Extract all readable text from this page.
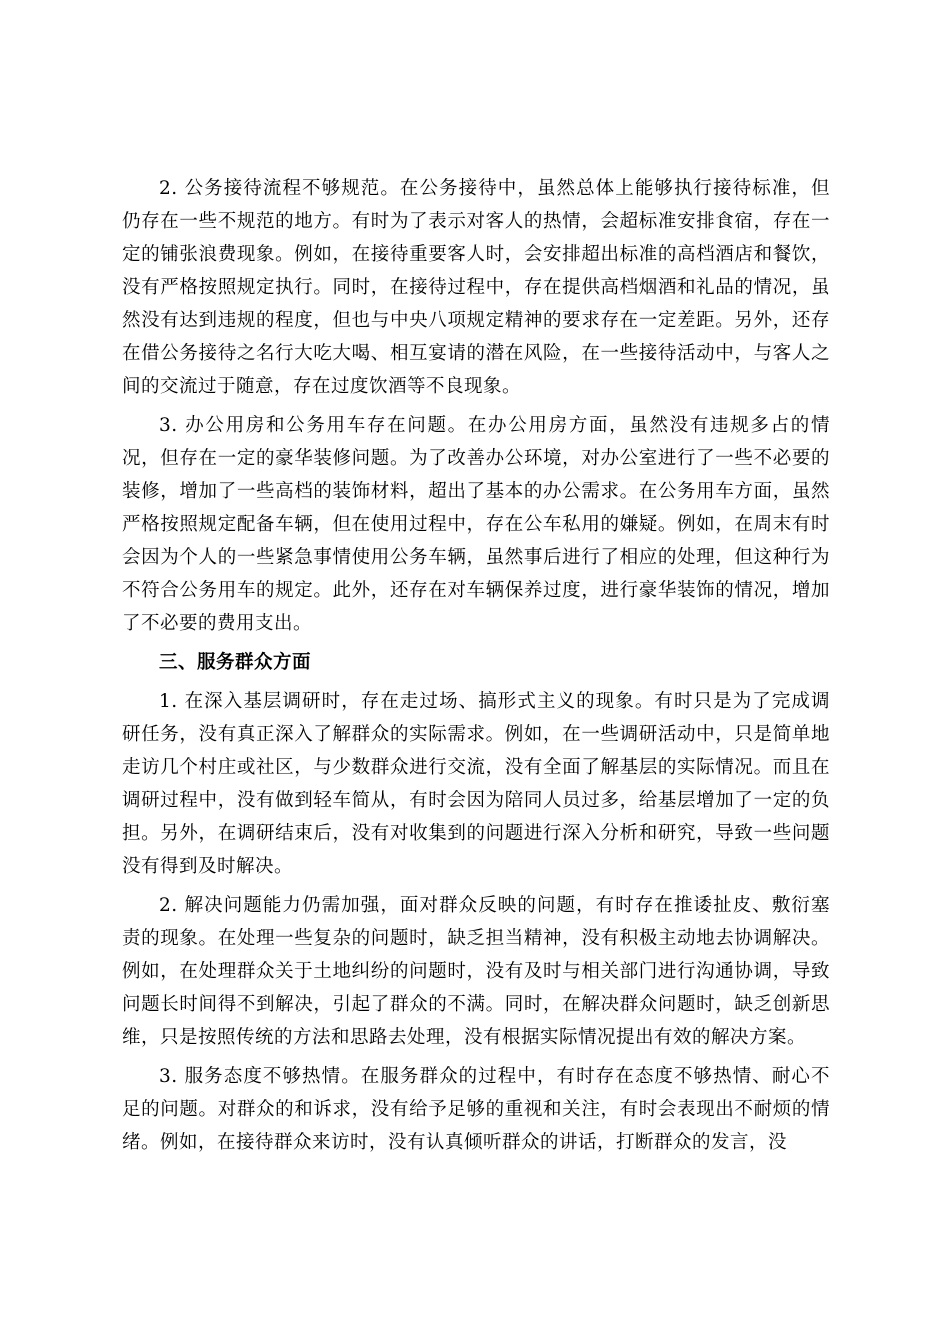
2. 公务接待流程不够规范。在公务接待中，虽然总体上能够执行接待标准，但仍存在一些不规范的地方。有时为了表示对客人的热情，会超标准安排食宿，存在一定的铺张浪费现象。例如，在接待重要客人时，会安排超出标准的高档酒店和餐饮，没有严格按照规定执行。同时，在接待过程中，存在提供高档烟酒和礼品的情况，虽然没有达到违规的程度，但也与中央八项规定精神的要求存在一定差距。另外，还存在借公务接待之名行大吃大喝、相互宴请的潜在风险，在一些接待活动中，与客人之间的交流过于随意，存在过度饮酒等不良现象。

3. 办公用房和公务用车存在问题。在办公用房方面，虽然没有违规多占的情况，但存在一定的豪华装修问题。为了改善办公环境，对办公室进行了一些不必要的装修，增加了一些高档的装饰材料，超出了基本的办公需求。在公务用车方面，虽然严格按照规定配备车辆，但在使用过程中，存在公车私用的嫌疑。例如，在周末有时会因为个人的一些紧急事情使用公务车辆，虽然事后进行了相应的处理，但这种行为不符合公务用车的规定。此外，还存在对车辆保养过度，进行豪华装饰的情况，增加了不必要的费用支出。

三、服务群众方面

1. 在深入基层调研时，存在走过场、搞形式主义的现象。有时只是为了完成调研任务，没有真正深入了解群众的实际需求。例如，在一些调研活动中，只是简单地走访几个村庄或社区，与少数群众进行交流，没有全面了解基层的实际情况。而且在调研过程中，没有做到轻车简从，有时会因为陪同人员过多，给基层增加了一定的负担。另外，在调研结束后，没有对收集到的问题进行深入分析和研究，导致一些问题没有得到及时解决。

2. 解决问题能力仍需加强，面对群众反映的问题，有时存在推诿扯皮、敷衍塞责的现象。在处理一些复杂的问题时，缺乏担当精神，没有积极主动地去协调解决。例如，在处理群众关于土地纠纷的问题时，没有及时与相关部门进行沟通协调，导致问题长时间得不到解决，引起了群众的不满。同时，在解决群众问题时，缺乏创新思维，只是按照传统的方法和思路去处理，没有根据实际情况提出有效的解决方案。

3. 服务态度不够热情。在服务群众的过程中，有时存在态度不够热情、耐心不足的问题。对群众的和诉求，没有给予足够的重视和关注，有时会表现出不耐烦的情绪。例如，在接待群众来访时，没有认真倾听群众的讲话，打断群众的发言，没
